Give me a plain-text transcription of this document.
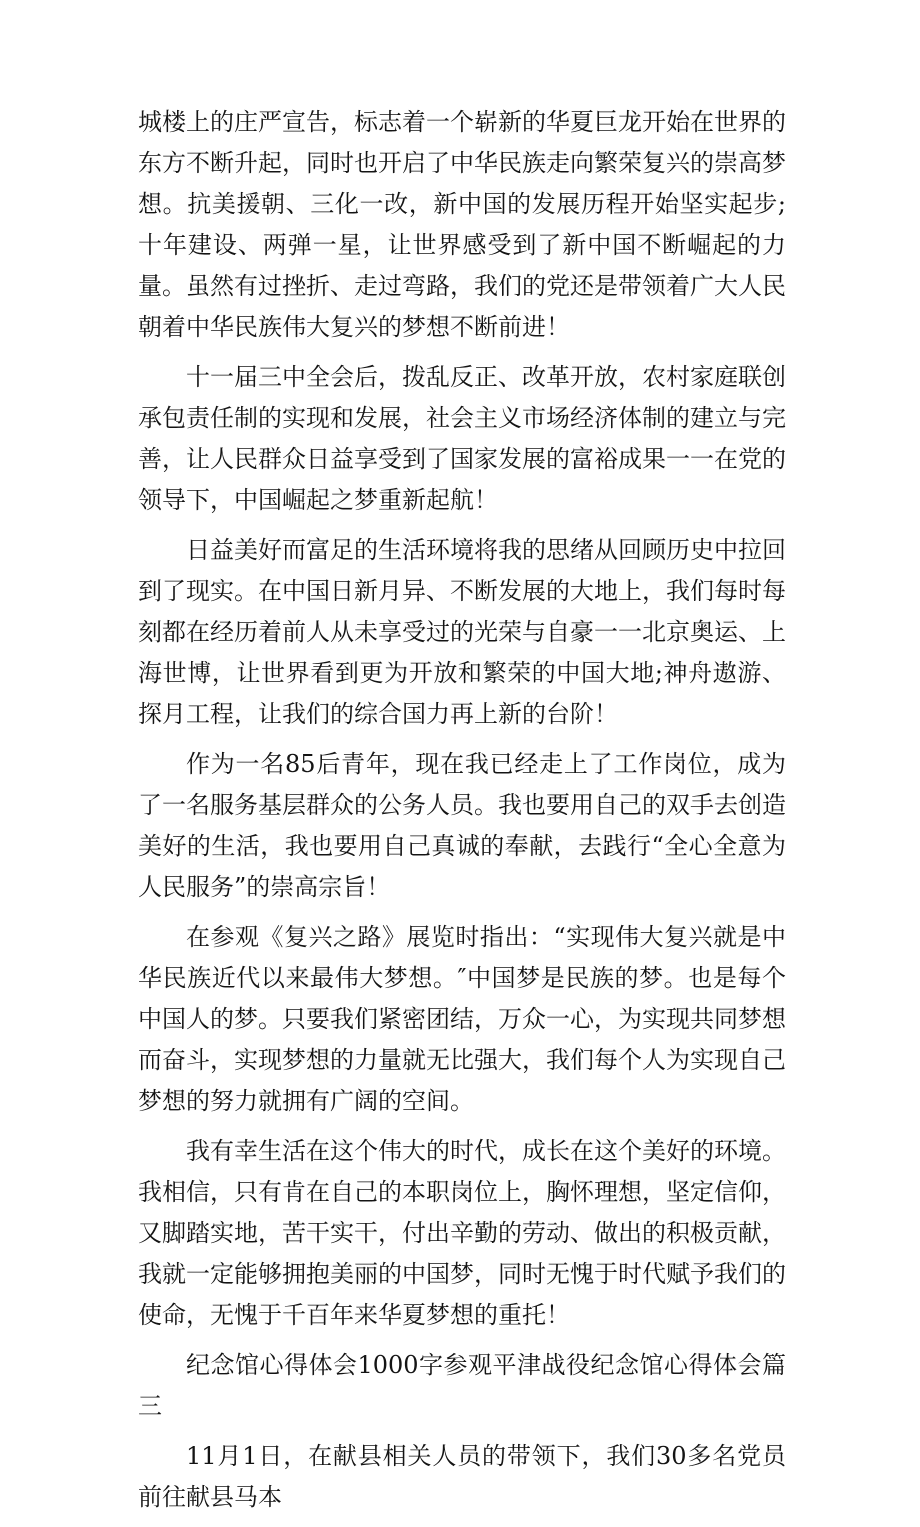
城楼上的庄严宣告，标志着一个崭新的华夏巨龙开始在世界的东方不断升起，同时也开启了中华民族走向繁荣复兴的崇高梦想。抗美援朝、三化一改，新中国的发展历程开始坚实起步;十年建设、两弹一星，让世界感受到了新中国不断崛起的力量。虽然有过挫折、走过弯路，我们的党还是带领着广大人民朝着中华民族伟大复兴的梦想不断前进！

十一届三中全会后，拨乱反正、改革开放，农村家庭联创承包责任制的实现和发展，社会主义市场经济体制的建立与完善，让人民群众日益享受到了国家发展的富裕成果一一在党的领导下，中国崛起之梦重新起航！

日益美好而富足的生活环境将我的思绪从回顾历史中拉回到了现实。在中国日新月异、不断发展的大地上，我们每时每刻都在经历着前人从未享受过的光荣与自豪一一北京奥运、上海世博，让世界看到更为开放和繁荣的中国大地;神舟遨游、探月工程，让我们的综合国力再上新的台阶！

作为一名85后青年，现在我已经走上了工作岗位，成为了一名服务基层群众的公务人员。我也要用自己的双手去创造美好的生活，我也要用自己真诚的奉献，去践行“全心全意为人民服务”的崇高宗旨！

在参观《复兴之路》展览时指出：“实现伟大复兴就是中华民族近代以来最伟大梦想。″中国梦是民族的梦。也是每个中国人的梦。只要我们紧密团结，万众一心，为实现共同梦想而奋斗，实现梦想的力量就无比强大，我们每个人为实现自己梦想的努力就拥有广阔的空间。

我有幸生活在这个伟大的时代，成长在这个美好的环境。我相信，只有肯在自己的本职岗位上，胸怀理想，坚定信仰，又脚踏实地，苦干实干，付出辛勤的劳动、做出的积极贡献，我就一定能够拥抱美丽的中国梦，同时无愧于时代赋予我们的使命，无愧于千百年来华夏梦想的重托！

纪念馆心得体会1000字参观平津战役纪念馆心得体会篇三

11月1日，在献县相关人员的带领下，我们30多名党员前往献县马本
